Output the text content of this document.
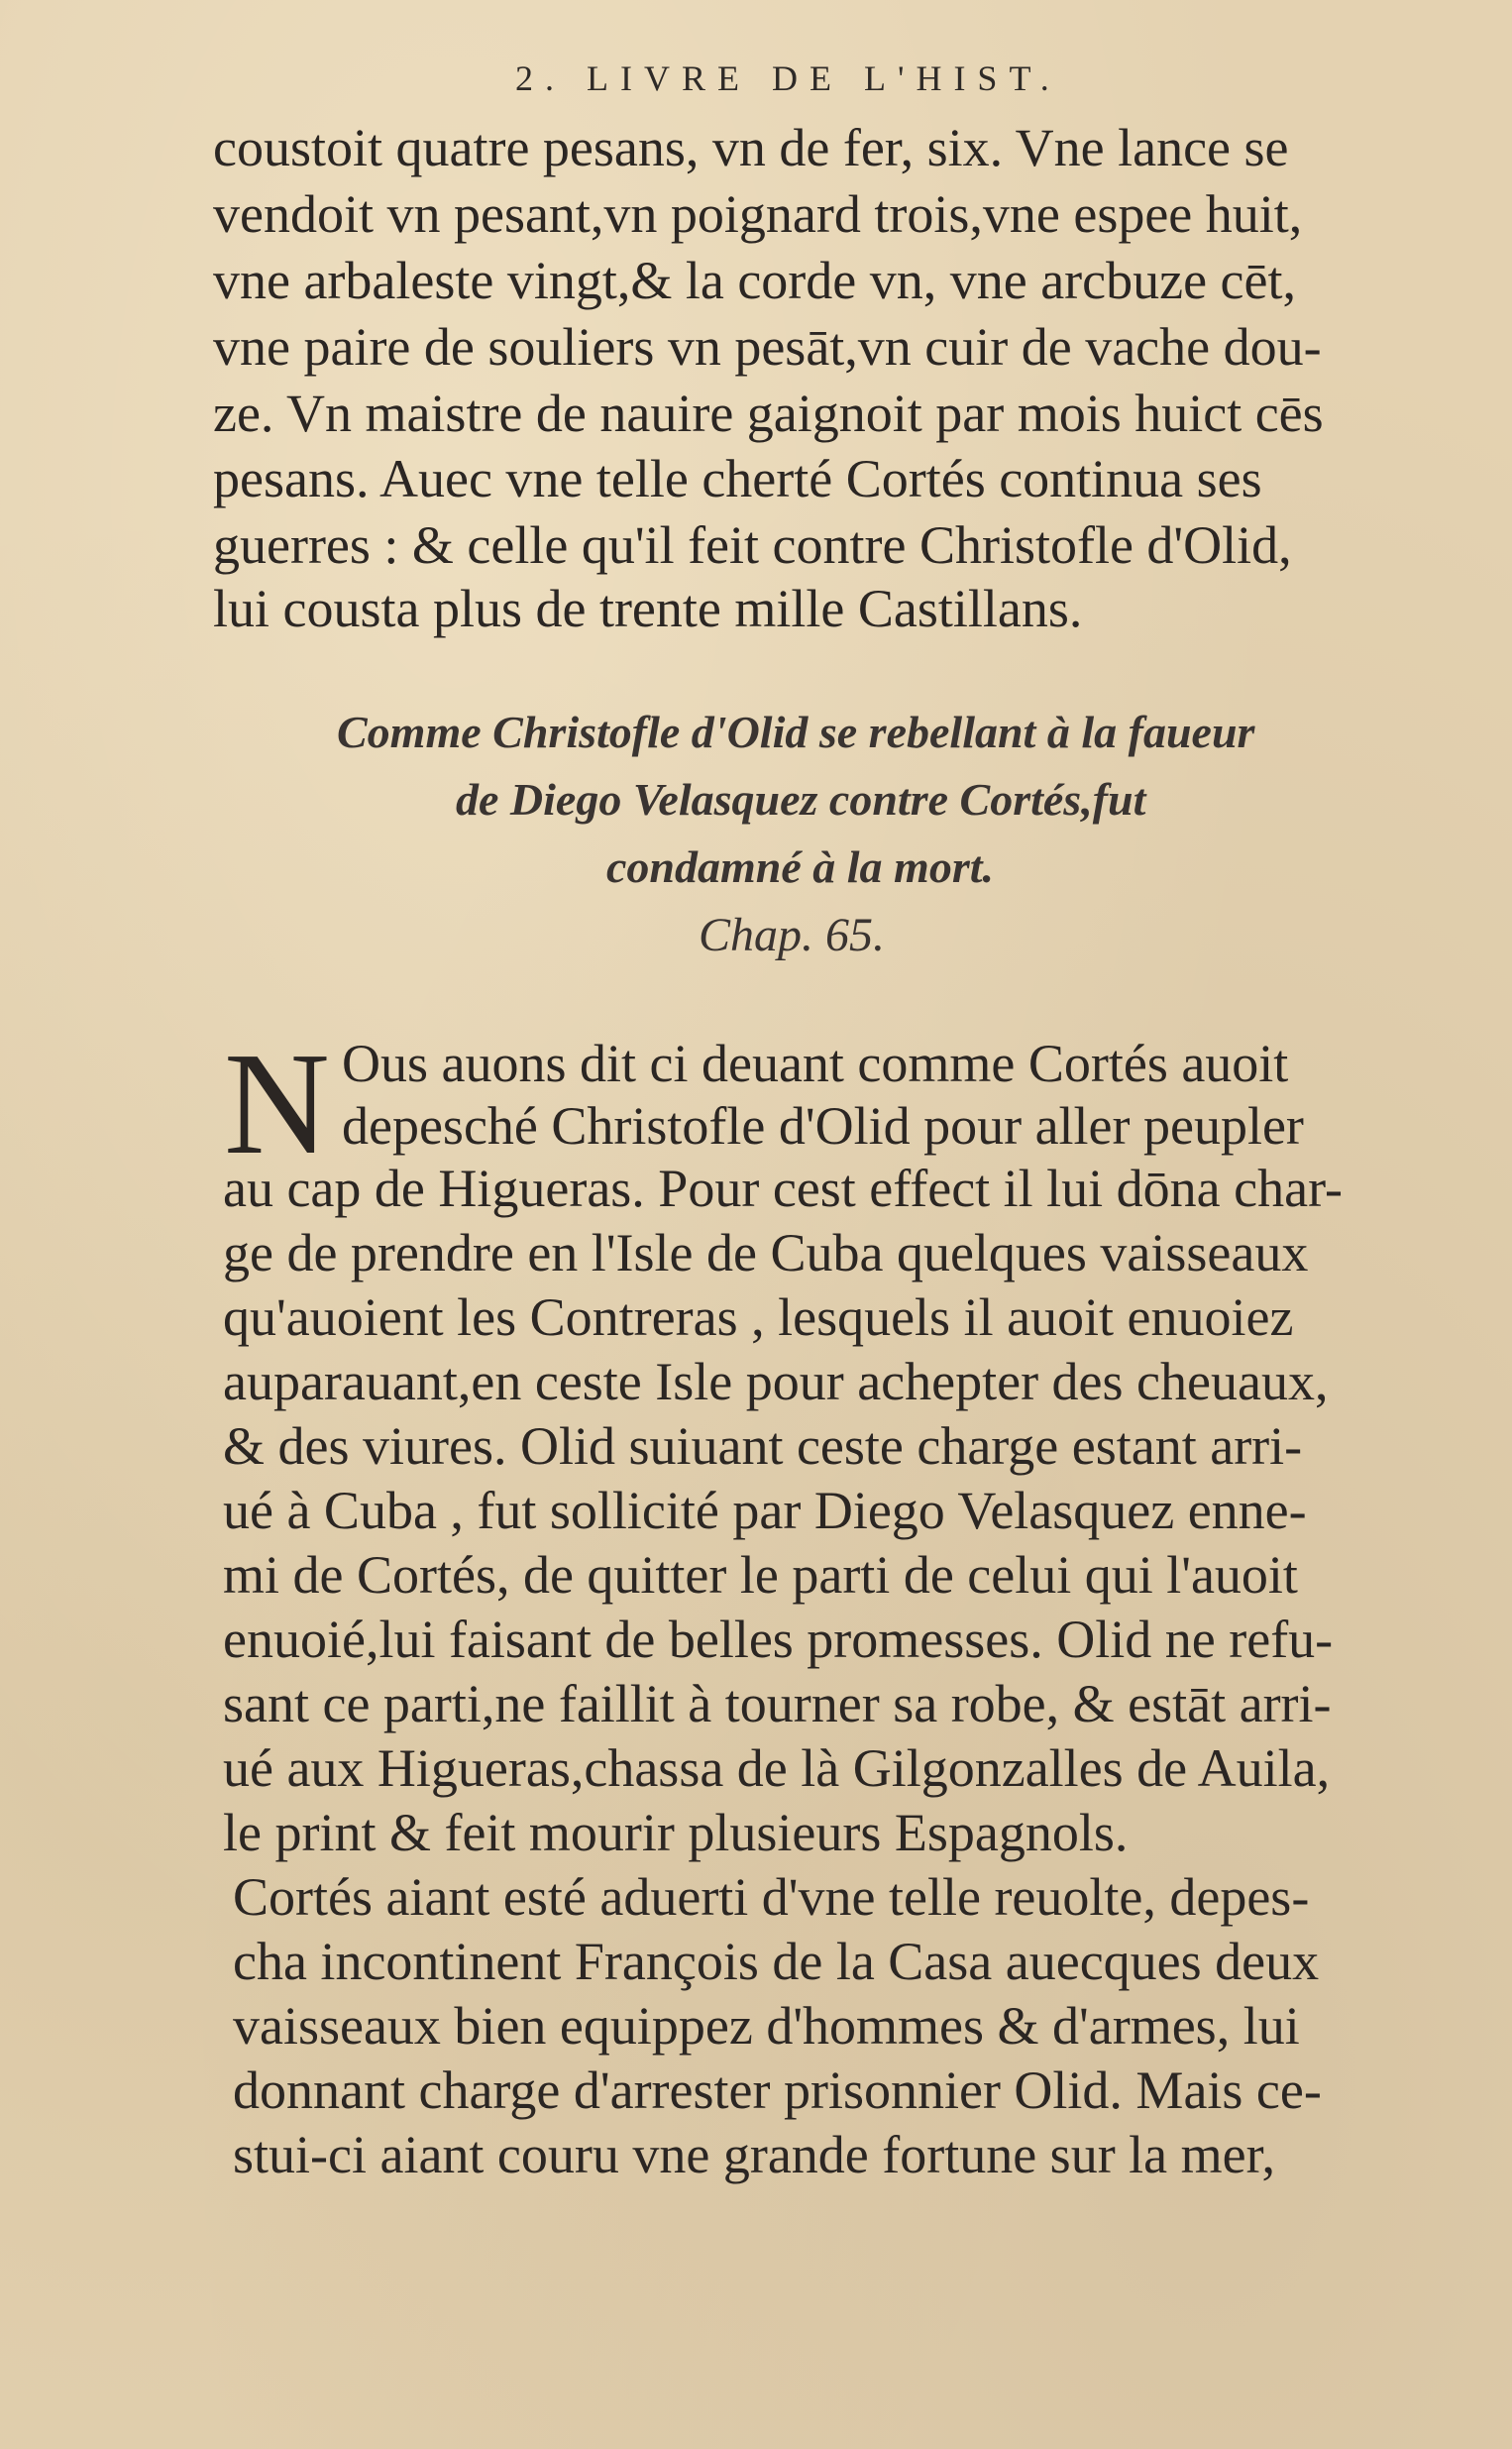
2. LIVRE DE L'HIST.
coustoit quatre pesans, vn de fer, six. Vne lance se
vendoit vn pesant,vn poignard trois,vne espee huit,
vne arbaleste vingt,& la corde vn, vne arcbuze cēt,
vne paire de souliers vn pesāt,vn cuir de vache dou-
ze. Vn maistre de nauire gaignoit par mois huict cēs
pesans. Auec vne telle cherté Cortés continua ses
guerres : & celle qu'il feit contre Christofle d'Olid,
lui cousta plus de trente mille Castillans.
Comme Christofle d'Olid se rebellant à la faueur
de Diego Velasquez contre Cortés,fut
condamné à la mort.
Chap. 65.
N Ous auons dit ci deuant comme Cortés auoit
depesché Christofle d'Olid pour aller peupler
au cap de Higueras. Pour cest effect il lui dōna char-
ge de prendre en l'Isle de Cuba quelques vaisseaux
qu'auoient les Contreras , lesquels il auoit enuoiez
auparauant,en ceste Isle pour achepter des cheuaux,
& des viures. Olid suiuant ceste charge estant arri-
ué à Cuba , fut sollicité par Diego Velasquez enne-
mi de Cortés, de quitter le parti de celui qui l'auoit
enuoié,lui faisant de belles promesses. Olid ne refu-
sant ce parti,ne faillit à tourner sa robe, & estāt arri-
ué aux Higueras,chassa de là Gilgonzalles de Auila,
le print & feit mourir plusieurs Espagnols.
Cortés aiant esté aduerti d'vne telle reuolte, depes-
cha incontinent François de la Casa auecques deux
vaisseaux bien equippez d'hommes & d'armes, lui
donnant charge d'arrester prisonnier Olid. Mais ce-
stui-ci aiant couru vne grande fortune sur la mer,
